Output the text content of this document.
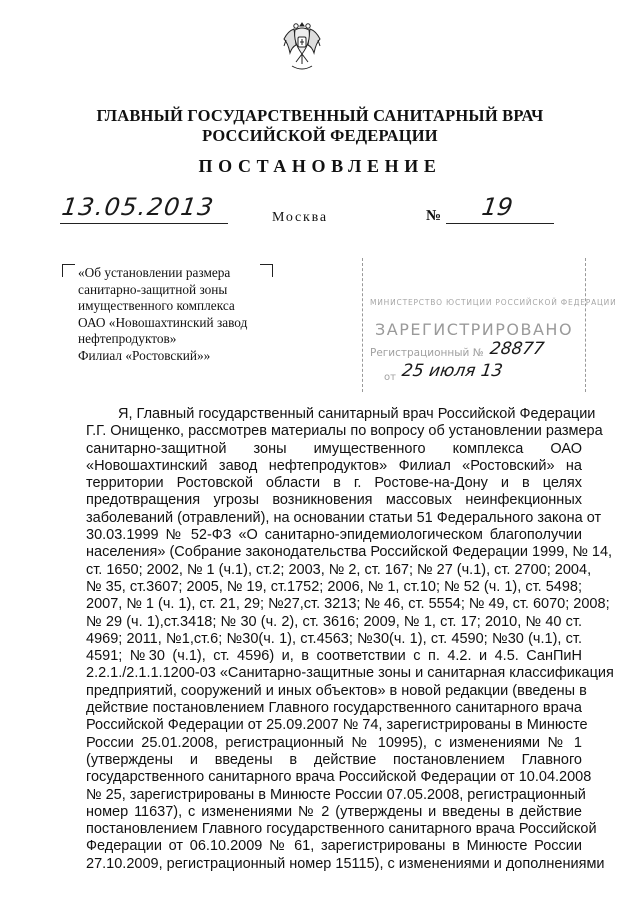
ГЛАВНЫЙ ГОСУДАРСТВЕННЫЙ САНИТАРНЫЙ ВРАЧ
РОССИЙСКОЙ ФЕДЕРАЦИИ
ПОСТАНОВЛЕНИЕ
13.05.2013	Москва	№ 19
«Об установлении размера
санитарно-защитной зоны
имущественного комплекса
ОАО «Новошахтинский завод
нефтепродуктов»
Филиал «Ростовский»»
МИНИСТЕРСТВО ЮСТИЦИИ РОССИЙСКОЙ ФЕДЕРАЦИИ
ЗАРЕГИСТРИРОВАНО
Регистрационный № 28877
от 25 июля 13

Я, Главный государственный санитарный врач Российской Федерации

Г.Г. Онищенко, рассмотрев материалы по вопросу об установлении размера

санитарно-защитной зоны имущественного комплекса ОАО

«Новошахтинский завод нефтепродуктов» Филиал «Ростовский» на

территории Ростовской области в г. Ростове-на-Дону и в целях

предотвращения угрозы возникновения массовых неинфекционных

заболеваний (отравлений), на основании статьи 51 Федерального закона от

30.03.1999 № 52-ФЗ «О санитарно-эпидемиологическом благополучии

населения» (Собрание законодательства Российской Федерации 1999, № 14,

ст. 1650; 2002, № 1 (ч.1), ст.2; 2003, № 2, ст. 167; № 27 (ч.1), ст. 2700; 2004,

№ 35, ст.3607; 2005, № 19, ст.1752; 2006, № 1, ст.10; № 52 (ч. 1), ст. 5498;

2007, № 1 (ч. 1), ст. 21, 29; №27,ст. 3213; № 46, ст. 5554; № 49, ст. 6070; 2008;

№ 29 (ч. 1),ст.3418; № 30 (ч. 2), ст. 3616; 2009, № 1, ст. 17; 2010, № 40 ст.

4969; 2011, №1,ст.6; №30(ч. 1), ст.4563; №30(ч. 1), ст. 4590; №30 (ч.1), ст.

4591; №30 (ч.1), ст. 4596) и, в соответствии с п. 4.2. и 4.5. СанПиН

2.2.1./2.1.1.1200-03 «Санитарно-защитные зоны и санитарная классификация

предприятий, сооружений и иных объектов» в новой редакции (введены в

действие постановлением Главного государственного санитарного врача

Российской Федерации от 25.09.2007 № 74, зарегистрированы в Минюсте

России 25.01.2008, регистрационный № 10995), с изменениями № 1

(утверждены и введены в действие постановлением Главного

государственного санитарного врача Российской Федерации от 10.04.2008

№ 25, зарегистрированы в Минюсте России 07.05.2008, регистрационный

номер 11637), с изменениями № 2 (утверждены и введены в действие

постановлением Главного государственного санитарного врача Российской

Федерации от 06.10.2009 № 61, зарегистрированы в Минюсте России

27.10.2009, регистрационный номер 15115), с изменениями и дополнениями
